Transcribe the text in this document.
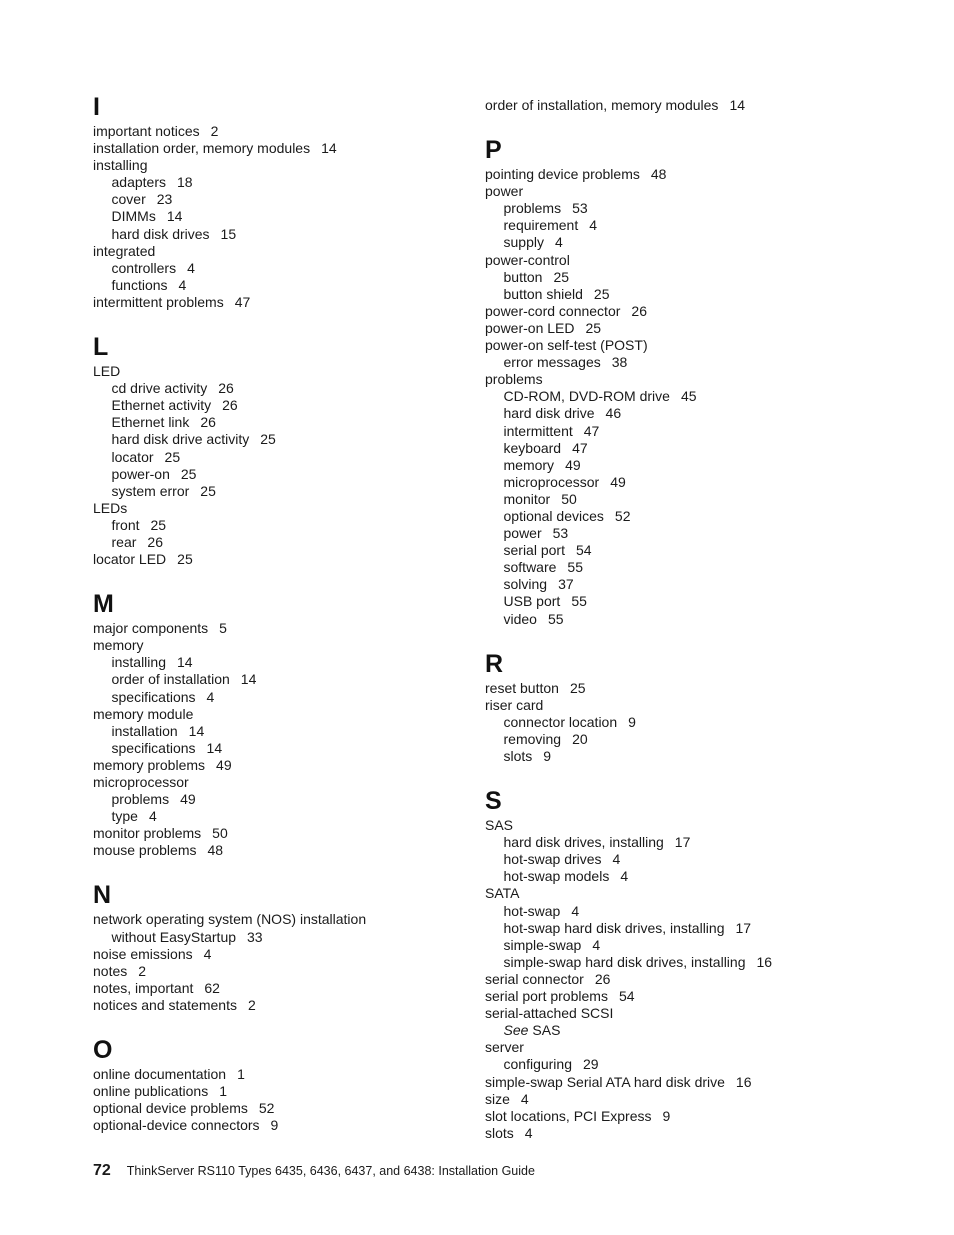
I
important notices 2
installation order, memory modules 14
installing
adapters 18
cover 23
DIMMs 14
hard disk drives 15
integrated
controllers 4
functions 4
intermittent problems 47
L
LED
cd drive activity 26
Ethernet activity 26
Ethernet link 26
hard disk drive activity 25
locator 25
power-on 25
system error 25
LEDs
front 25
rear 26
locator LED 25
M
major components 5
memory
installing 14
order of installation 14
specifications 4
memory module
installation 14
specifications 14
memory problems 49
microprocessor
problems 49
type 4
monitor problems 50
mouse problems 48
N
network operating system (NOS) installation
without EasyStartup 33
noise emissions 4
notes 2
notes, important 62
notices and statements 2
O
online documentation 1
online publications 1
optional device problems 52
optional-device connectors 9
order of installation, memory modules 14
P
pointing device problems 48
power
problems 53
requirement 4
supply 4
power-control
button 25
button shield 25
power-cord connector 26
power-on LED 25
power-on self-test (POST)
error messages 38
problems
CD-ROM, DVD-ROM drive 45
hard disk drive 46
intermittent 47
keyboard 47
memory 49
microprocessor 49
monitor 50
optional devices 52
power 53
serial port 54
software 55
solving 37
USB port 55
video 55
R
reset button 25
riser card
connector location 9
removing 20
slots 9
S
SAS
hard disk drives, installing 17
hot-swap drives 4
hot-swap models 4
SATA
hot-swap 4
hot-swap hard disk drives, installing 17
simple-swap 4
simple-swap hard disk drives, installing 16
serial connector 26
serial port problems 54
serial-attached SCSI
See SAS
server
configuring 29
simple-swap Serial ATA hard disk drive 16
size 4
slot locations, PCI Express 9
slots 4
72 ThinkServer RS110 Types 6435, 6436, 6437, and 6438: Installation Guide
